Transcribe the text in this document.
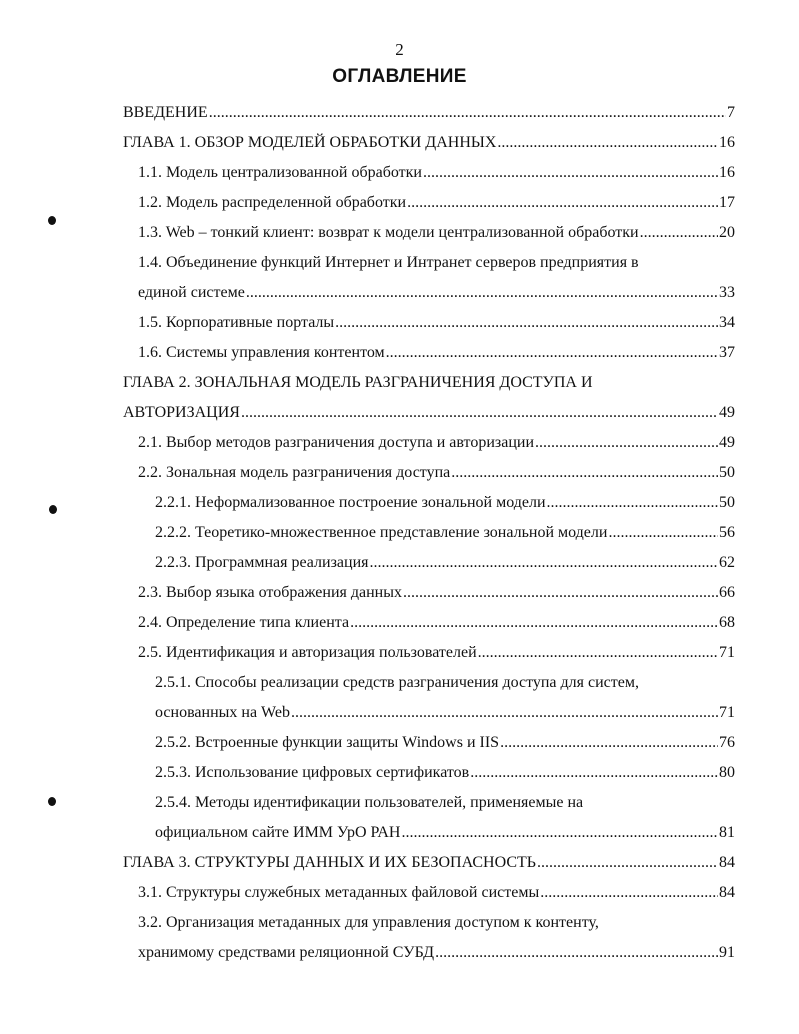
2
ОГЛАВЛЕНИЕ
ВВЕДЕНИЕ .....	7
ГЛАВА 1. ОБЗОР МОДЕЛЕЙ ОБРАБОТКИ ДАННЫХ .....	16
1.1. Модель централизованной обработки .....	16
1.2. Модель распределенной обработки .....	17
1.3. Web – тонкий клиент: возврат к модели централизованной обработки .....	20
1.4. Объединение функций Интернет и Интранет серверов предприятия в
единой системе .....	33
1.5. Корпоративные порталы .....	34
1.6. Системы управления контентом .....	37
ГЛАВА 2. ЗОНАЛЬНАЯ МОДЕЛЬ РАЗГРАНИЧЕНИЯ ДОСТУПА И
АВТОРИЗАЦИЯ .....	49
2.1. Выбор методов разграничения доступа и авторизации .....	49
2.2. Зональная модель разграничения доступа .....	50
2.2.1. Неформализованное построение зональной модели .....	50
2.2.2. Теоретико-множественное представление зональной модели .....	56
2.2.3. Программная реализация .....	62
2.3. Выбор языка отображения данных .....	66
2.4. Определение типа клиента .....	68
2.5. Идентификация и авторизация пользователей .....	71
2.5.1. Способы реализации средств разграничения доступа для систем,
основанных на Web .....	71
2.5.2. Встроенные функции защиты Windows и IIS .....	76
2.5.3. Использование цифровых сертификатов .....	80
2.5.4. Методы идентификации пользователей, применяемые на
официальном сайте ИММ УрО РАН .....	81
ГЛАВА 3. СТРУКТУРЫ ДАННЫХ И ИХ БЕЗОПАСНОСТЬ .....	84
3.1. Структуры служебных метаданных файловой системы .....	84
3.2. Организация метаданных для управления доступом к контенту,
хранимому средствами реляционной СУБД .....	91
